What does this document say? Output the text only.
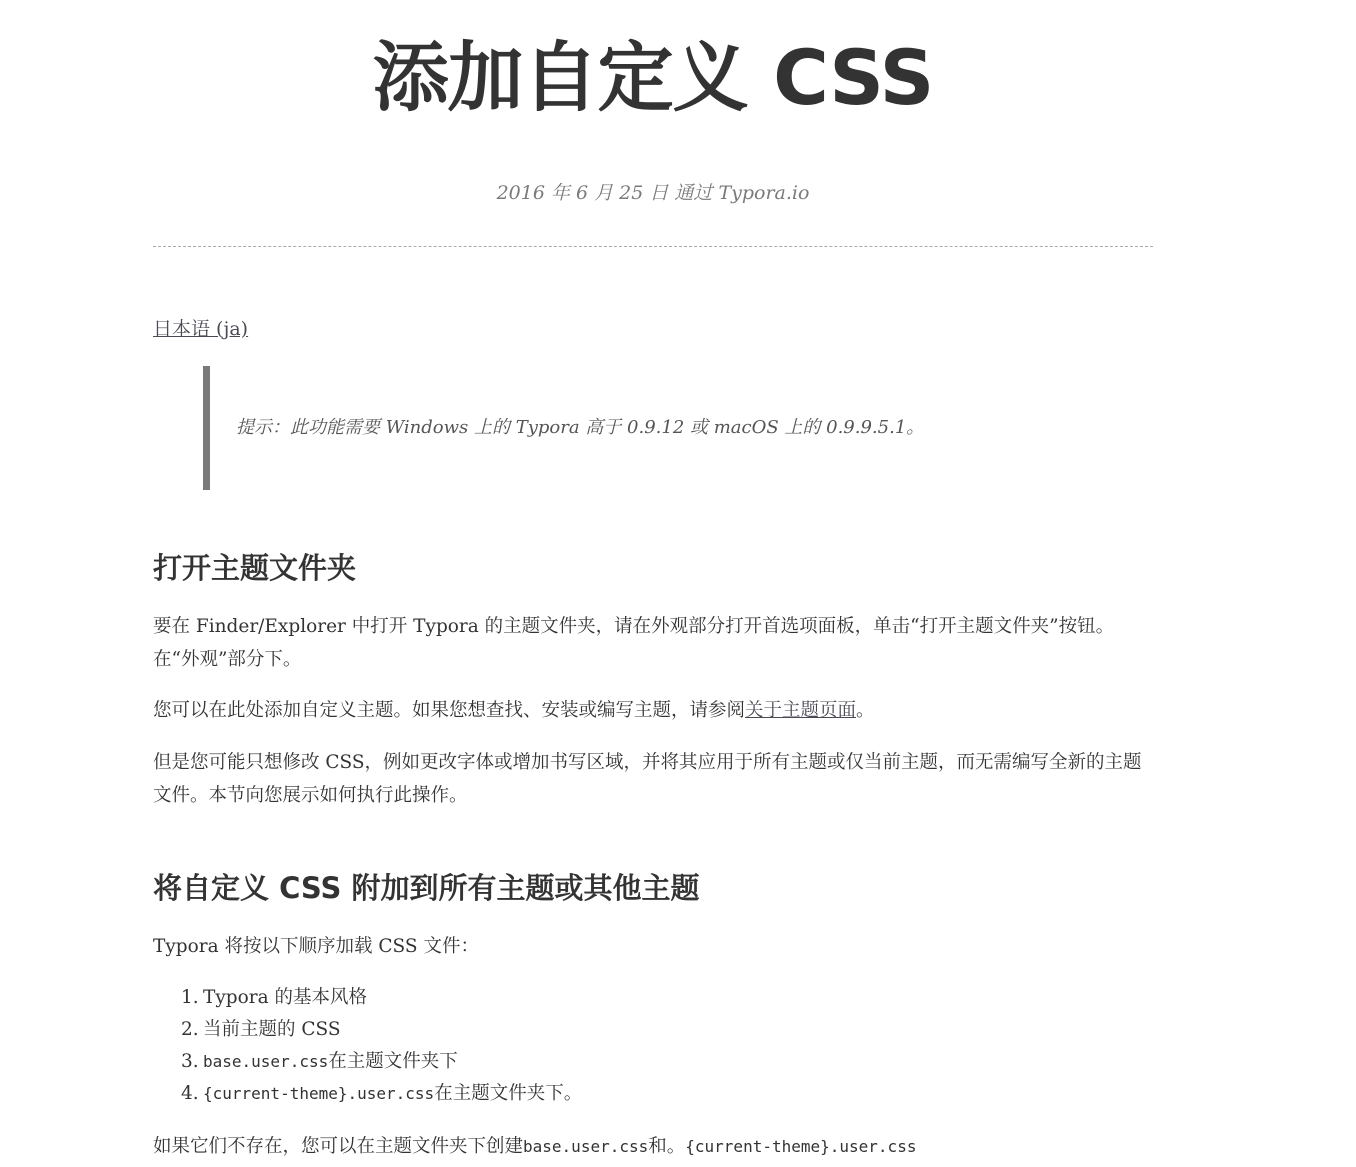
添加自定义 CSS
2016 年 6 月 25 日 通过 Typora.io
日本语 (ja)
提示：此功能需要 Windows 上的 Typora 高于 0.9.12 或 macOS 上的 0.9.9.5.1。
打开主题文件夹

要在 Finder/Explorer 中打开 Typora 的主题文件夹，请在外观部分打开首选项面板，单击“打开主题文件夹”按钮。在“外观”部分下。

您可以在此处添加自定义主题。如果您想查找、安装或编写主题，请参阅关于主题页面。

但是您可能只想修改 CSS，例如更改字体或增加书写区域，并将其应用于所有主题或仅当前主题，而无需编写全新的主题文件。本节向您展示如何执行此操作。

将自定义 CSS 附加到所有主题或其他主题

Typora 将按以下顺序加载 CSS 文件：

1. Typora 的基本风格
2. 当前主题的 CSS
3. base.user.css在主题文件夹下
4. {current-theme}.user.css在主题文件夹下。

如果它们不存在，您可以在主题文件夹下创建base.user.css和。{current-theme}.user.css
